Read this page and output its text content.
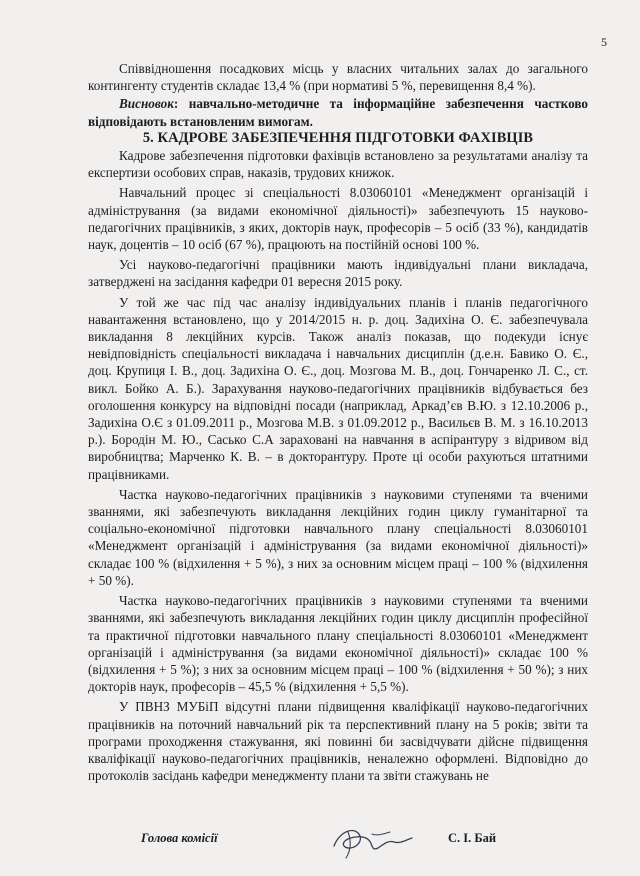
5

Співвідношення посадкових місць у власних читальних залах до загального контингенту студентів складає 13,4 % (при нормативі 5 %, перевищення 8,4 %).

Висновок: навчально-методичне та інформаційне забезпечення частково відповідають встановленим вимогам.

5. КАДРОВЕ ЗАБЕЗПЕЧЕННЯ ПІДГОТОВКИ ФАХІВЦІВ

Кадрове забезпечення підготовки фахівців встановлено за результатами аналізу та експертизи особових справ, наказів, трудових книжок.

Навчальний процес зі спеціальності 8.03060101 «Менеджмент організацій і адміністрування (за видами економічної діяльності)» забезпечують 15 науково-педагогічних працівників, з яких, докторів наук, професорів – 5 осіб (33 %), кандидатів наук, доцентів – 10 осіб (67 %), працюють на постійній основі 100 %.

Усі науково-педагогічні працівники мають індивідуальні плани викладача, затверджені на засідання кафедри 01 вересня 2015 року.

У той же час під час аналізу індивідуальних планів і планів педагогічного навантаження встановлено, що у 2014/2015 н. р. доц. Задихіна О. Є. забезпечувала викладання 8 лекційних курсів. Також аналіз показав, що подекуди існує невідповідність спеціальності викладача і навчальних дисциплін (д.е.н. Бавико О. Є., доц. Крупиця І. В., доц. Задихіна О. Є., доц. Мозгова М. В., доц. Гончаренко Л. С., ст. викл. Бойко А. Б.). Зарахування науково-педагогічних працівників відбувається без оголошення конкурсу на відповідні посади (наприклад, Аркад’єв В.Ю. з 12.10.2006 р., Задихіна О.Є з 01.09.2011 р., Мозгова М.В. з 01.09.2012 р., Васильєв В. М. з 16.10.2013 р.). Бородін М. Ю., Сасько С.А зараховані на навчання в аспірантуру з відривом від виробництва; Марченко К. В. – в докторантуру. Проте ці особи рахуються штатними працівниками.

Частка науково-педагогічних працівників з науковими ступенями та вченими званнями, які забезпечують викладання лекційних годин циклу гуманітарної та соціально-економічної підготовки навчального плану спеціальності 8.03060101 «Менеджмент організацій і адміністрування (за видами економічної діяльності)» складає 100 % (відхилення + 5 %), з них за основним місцем праці – 100 % (відхилення + 50 %).

Частка науково-педагогічних працівників з науковими ступенями та вченими званнями, які забезпечують викладання лекційних годин циклу дисциплін професійної та практичної підготовки навчального плану спеціальності 8.03060101 «Менеджмент організацій і адміністрування (за видами економічної діяльності)» складає 100 % (відхилення + 5 %); з них за основним місцем праці – 100 % (відхилення + 50 %); з них докторів наук, професорів – 45,5 % (відхилення + 5,5 %).

У ПВНЗ МУБіП відсутні плани підвищення кваліфікації науково-педагогічних працівників на поточний навчальний рік та перспективний плану на 5 років; звіти та програми проходження стажування, які повинні би засвідчувати дійсне підвищення кваліфікації науково-педагогічних працівників, неналежно оформлені. Відповідно до протоколів засідань кафедри менеджменту плани та звіти стажувань не

Голова комісії	С. І. Бай
